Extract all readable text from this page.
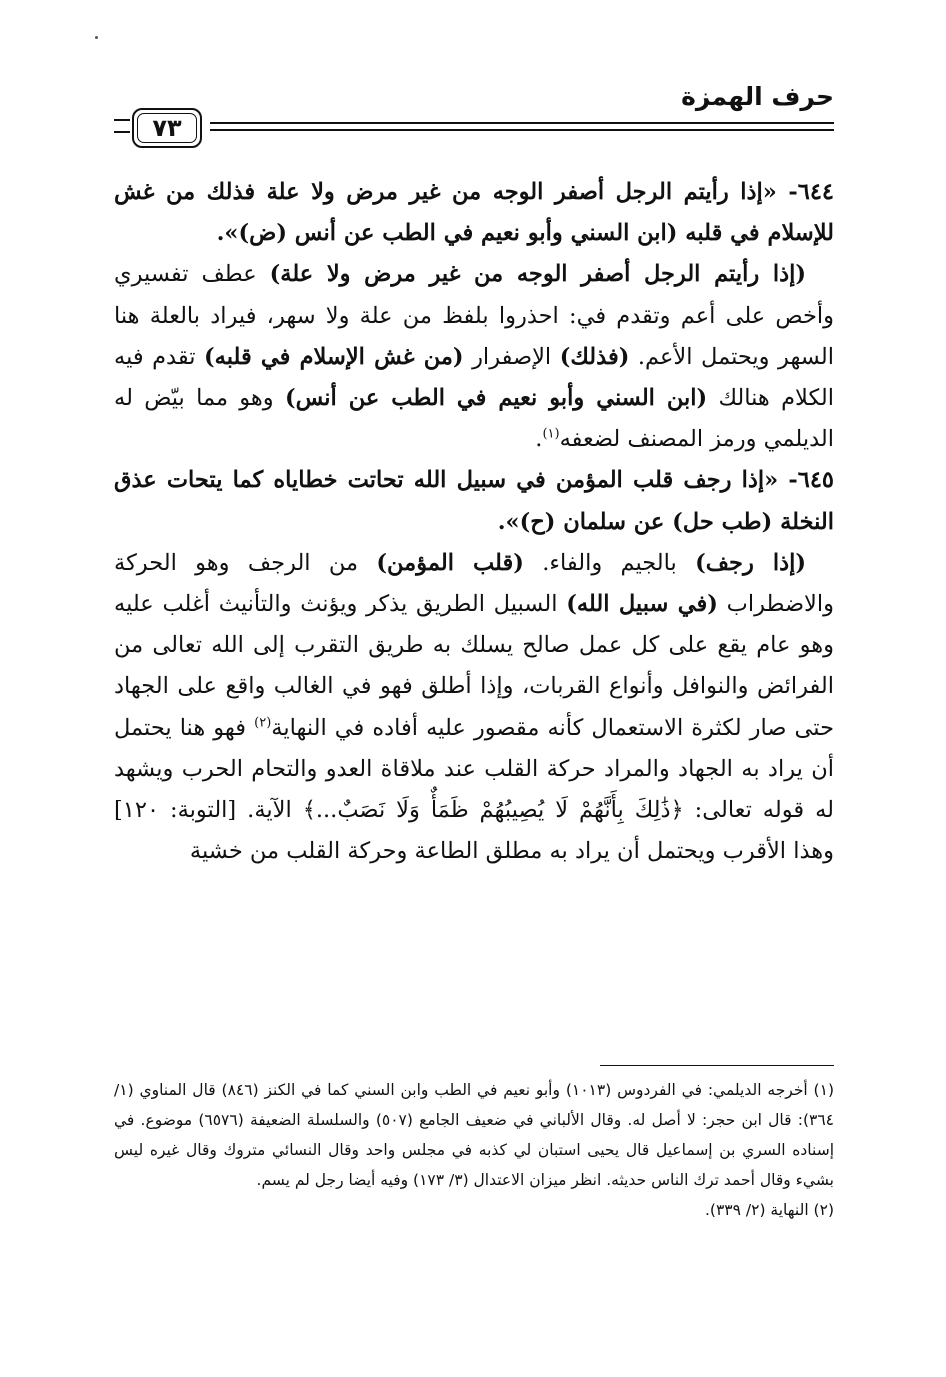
حرف الهمزة
٧٣

٦٤٤- «إذا رأيتم الرجل أصفر الوجه من غير مرض ولا علة فذلك من غش للإسلام في قلبه (ابن السني وأبو نعيم في الطب عن أنس (ض)».

(إذا رأيتم الرجل أصفر الوجه من غير مرض ولا علة) عطف تفسيري وأخص على أعم وتقدم في: احذروا بلفظ من علة ولا سهر، فيراد بالعلة هنا السهر ويحتمل الأعم. (فذلك) الإصفرار (من غش الإسلام في قلبه) تقدم فيه الكلام هنالك (ابن السني وأبو نعيم في الطب عن أنس) وهو مما بيّض له الديلمي ورمز المصنف لضعفه$^{(١)}$.

٦٤٥- «إذا رجف قلب المؤمن في سبيل الله تحاتت خطاياه كما يتحات عذق النخلة (طب حل) عن سلمان (ح)».

(إذا رجف) بالجيم والفاء. (قلب المؤمن) من الرجف وهو الحركة والاضطراب (في سبيل الله) السبيل الطريق يذكر ويؤنث والتأنيث أغلب عليه وهو عام يقع على كل عمل صالح يسلك به طريق التقرب إلى الله تعالى من الفرائض والنوافل وأنواع القربات، وإذا أطلق فهو في الغالب واقع على الجهاد حتى صار لكثرة الاستعمال كأنه مقصور عليه أفاده في النهاية$^{(٢)}$ فهو هنا يحتمل أن يراد به الجهاد والمراد حركة القلب عند ملاقاة العدو والتحام الحرب ويشهد له قوله تعالى: ﴿ذَٰلِكَ بِأَنَّهُمْ لَا يُصِيبُهُمْ ظَمَأٌ وَلَا نَصَبٌ...﴾ الآية. [التوبة: ١٢٠] وهذا الأقرب ويحتمل أن يراد به مطلق الطاعة وحركة القلب من خشية

(١) أخرجه الديلمي: في الفردوس (١٠١٣) وأبو نعيم في الطب وابن السني كما في الكنز (٨٤٦) قال المناوي (١/ ٣٦٤): قال ابن حجر: لا أصل له. وقال الألباني في ضعيف الجامع (٥٠٧) والسلسلة الضعيفة (٦٥٧٦) موضوع. في إسناده السري بن إسماعيل قال يحيى استبان لي كذبه في مجلس واحد وقال النسائي متروك وقال غيره ليس بشيء وقال أحمد ترك الناس حديثه. انظر ميزان الاعتدال (٣/ ١٧٣) وفيه أيضا رجل لم يسم.

(٢) النهاية (٢/ ٣٣٩).
